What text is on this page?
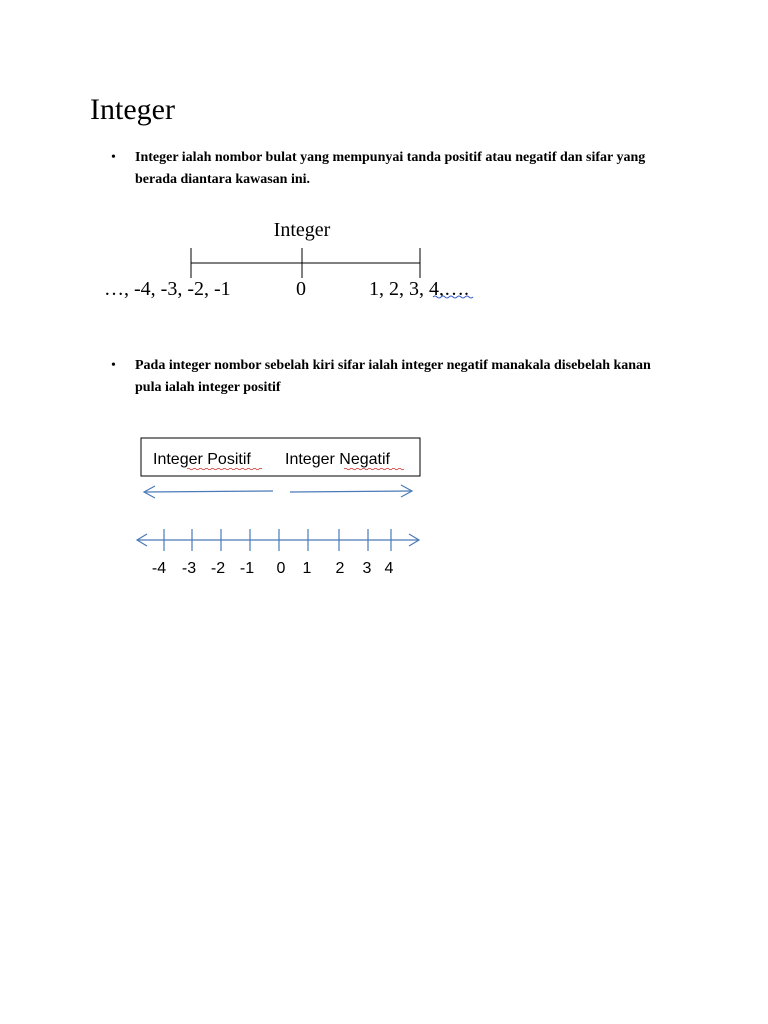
Integer
• Integer ialah nombor bulat yang mempunyai tanda positif atau negatif dan sifar yang berada diantara kawasan ini.
Integer
…, -4, -3, -2, -1	0	1, 2, 3, 4,….
• Pada integer nombor sebelah kiri sifar ialah integer negatif manakala disebelah kanan pula ialah integer positif
Integer Positif Integer Negatif
-4 -3 -2 -1 0 1 2 3 4
